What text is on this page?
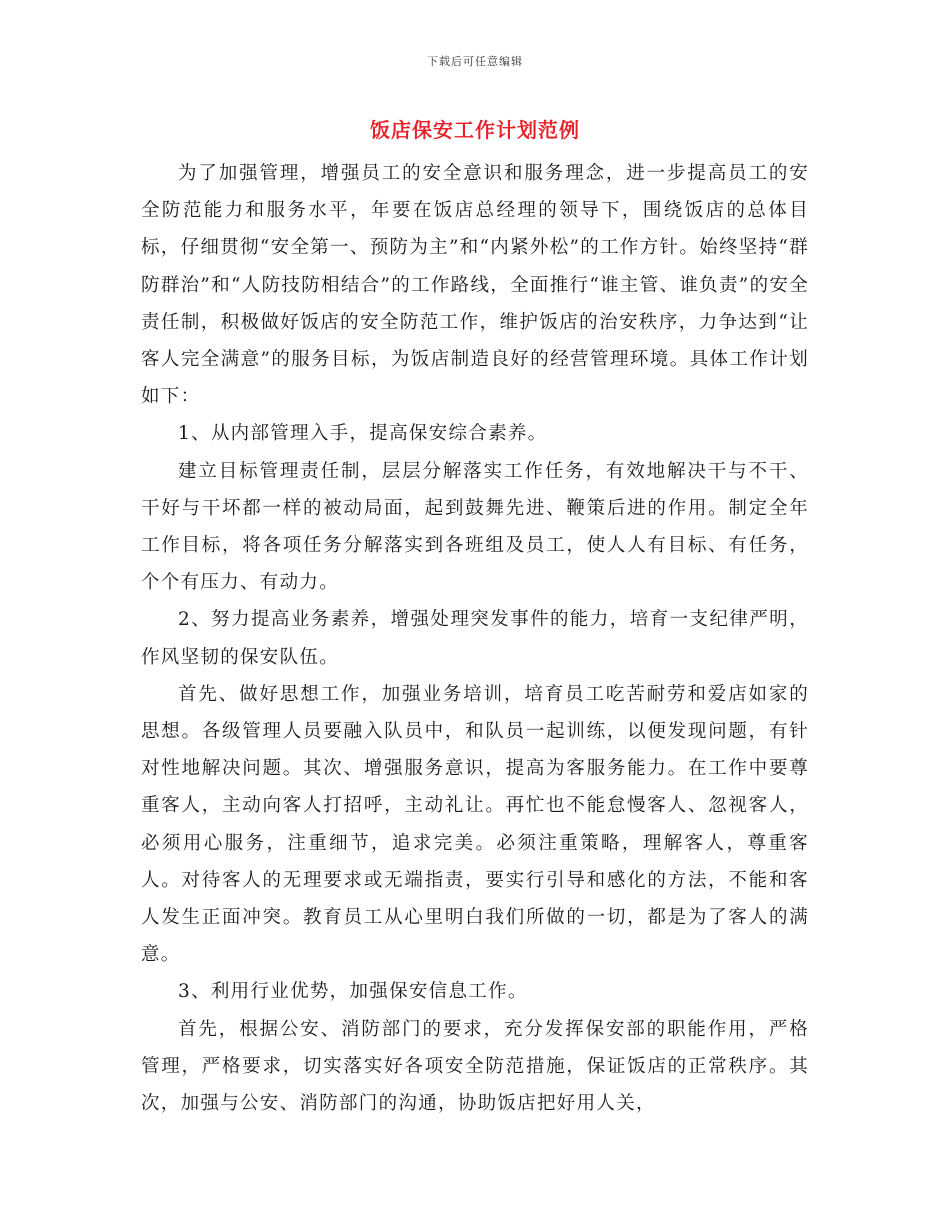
下载后可任意编辑
饭店保安工作计划范例

为了加强管理，增强员工的安全意识和服务理念，进一步提高员工的安全防范能力和服务水平，年要在饭店总经理的领导下，围绕饭店的总体目标，仔细贯彻“安全第一、预防为主”和“内紧外松”的工作方针。始终坚持“群防群治”和“人防技防相结合”的工作路线，全面推行“谁主管、谁负责”的安全责任制，积极做好饭店的安全防范工作，维护饭店的治安秩序，力争达到“让客人完全满意”的服务目标，为饭店制造良好的经营管理环境。具体工作计划如下：

1、从内部管理入手，提高保安综合素养。

建立目标管理责任制，层层分解落实工作任务，有效地解决干与不干、干好与干坏都一样的被动局面，起到鼓舞先进、鞭策后进的作用。制定全年工作目标，将各项任务分解落实到各班组及员工，使人人有目标、有任务，个个有压力、有动力。

2、努力提高业务素养，增强处理突发事件的能力，培育一支纪律严明，作风坚韧的保安队伍。

首先、做好思想工作，加强业务培训，培育员工吃苦耐劳和爱店如家的思想。各级管理人员要融入队员中，和队员一起训练，以便发现问题，有针对性地解决问题。其次、增强服务意识，提高为客服务能力。在工作中要尊重客人，主动向客人打招呼，主动礼让。再忙也不能怠慢客人、忽视客人，必须用心服务，注重细节，追求完美。必须注重策略，理解客人，尊重客人。对待客人的无理要求或无端指责，要实行引导和感化的方法，不能和客人发生正面冲突。教育员工从心里明白我们所做的一切，都是为了客人的满意。

3、利用行业优势，加强保安信息工作。

首先，根据公安、消防部门的要求，充分发挥保安部的职能作用，严格管理，严格要求，切实落实好各项安全防范措施，保证饭店的正常秩序。其次，加强与公安、消防部门的沟通，协助饭店把好用人关，
